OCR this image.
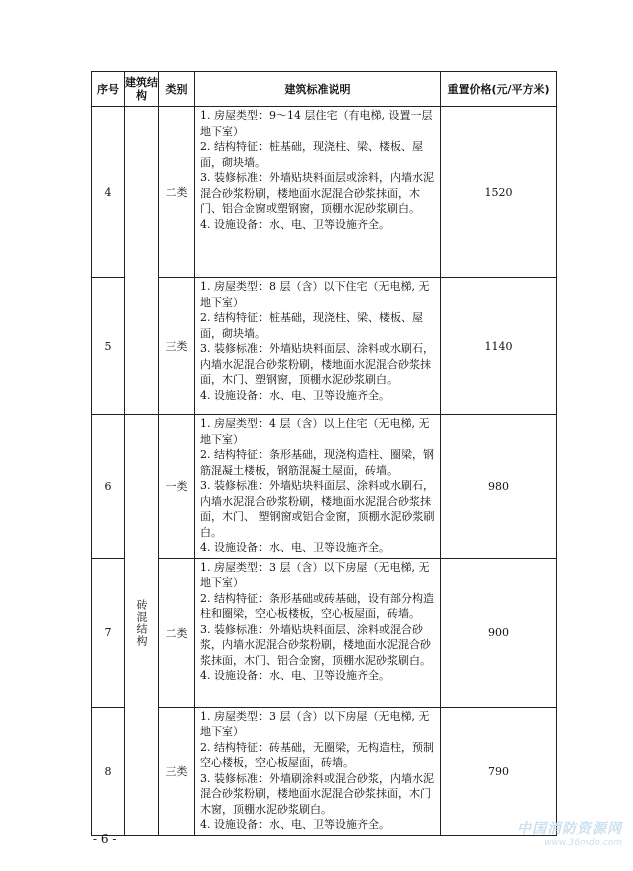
序号	建筑结构	类别	建筑标准说明	重置价格(元/平方米)
4		二类	1. 房屋类型：9～14 层住宅（有电梯, 设置一层地下室）
2. 结构特征：桩基础，现浇柱、梁、楼板、屋面，砌块墙。
3. 装修标准：外墙贴块料面层或涂料，内墙水泥混合砂浆粉刷，楼地面水泥混合砂浆抹面，木门、铝合金窗或塑钢窗，顶棚水泥砂浆刷白。
4. 设施设备：水、电、卫等设施齐全。	1520
5		三类	1. 房屋类型：8 层（含）以下住宅（无电梯, 无地下室）
2. 结构特征：桩基础，现浇柱、梁、楼板、屋面，砌块墙。
3. 装修标准：外墙贴块料面层、涂料或水刷石，内墙水泥混合砂浆粉刷，楼地面水泥混合砂浆抹面，木门、塑钢窗，顶棚水泥砂浆刷白。
4. 设施设备：水、电、卫等设施齐全。	1140
6	砖混结构	一类	1. 房屋类型：4 层（含）以上住宅（无电梯, 无地下室）
2. 结构特征：条形基础，现浇构造柱、圈梁，钢筋混凝土楼板，钢筋混凝土屋面，砖墙。
3. 装修标准：外墙贴块料面层、涂料或水刷石，内墙水泥混合砂浆粉刷，楼地面水泥混合砂浆抹面，木门、 塑钢窗或铝合金窗，顶棚水泥砂浆刷白。
4. 设施设备：水、电、卫等设施齐全。	980
7		二类	1. 房屋类型：3 层（含）以下房屋（无电梯, 无地下室）
2. 结构特征：条形基础或砖基础，设有部分构造柱和圈梁，空心板楼板，空心板屋面，砖墙。
3. 装修标准：外墙贴块料面层、涂料或混合砂浆，内墙水泥混合砂浆粉刷，楼地面水泥混合砂浆抹面，木门、铝合金窗，顶棚水泥砂浆刷白。
4. 设施设备：水、电、卫等设施齐全。	900
8		三类	1. 房屋类型：3 层（含）以下房屋（无电梯, 无地下室）
2. 结构特征：砖基础，无圈梁，无构造柱，预制空心楼板，空心板屋面，砖墙。
3. 装修标准：外墙刷涂料或混合砂浆，内墙水泥混合砂浆粉刷，楼地面水泥混合砂浆抹面，木门木窗，顶棚水泥砂浆刷白。
4. 设施设备：水、电、卫等设施齐全。	790
- 6 -
中国消防资源网
www.36mdo.com
